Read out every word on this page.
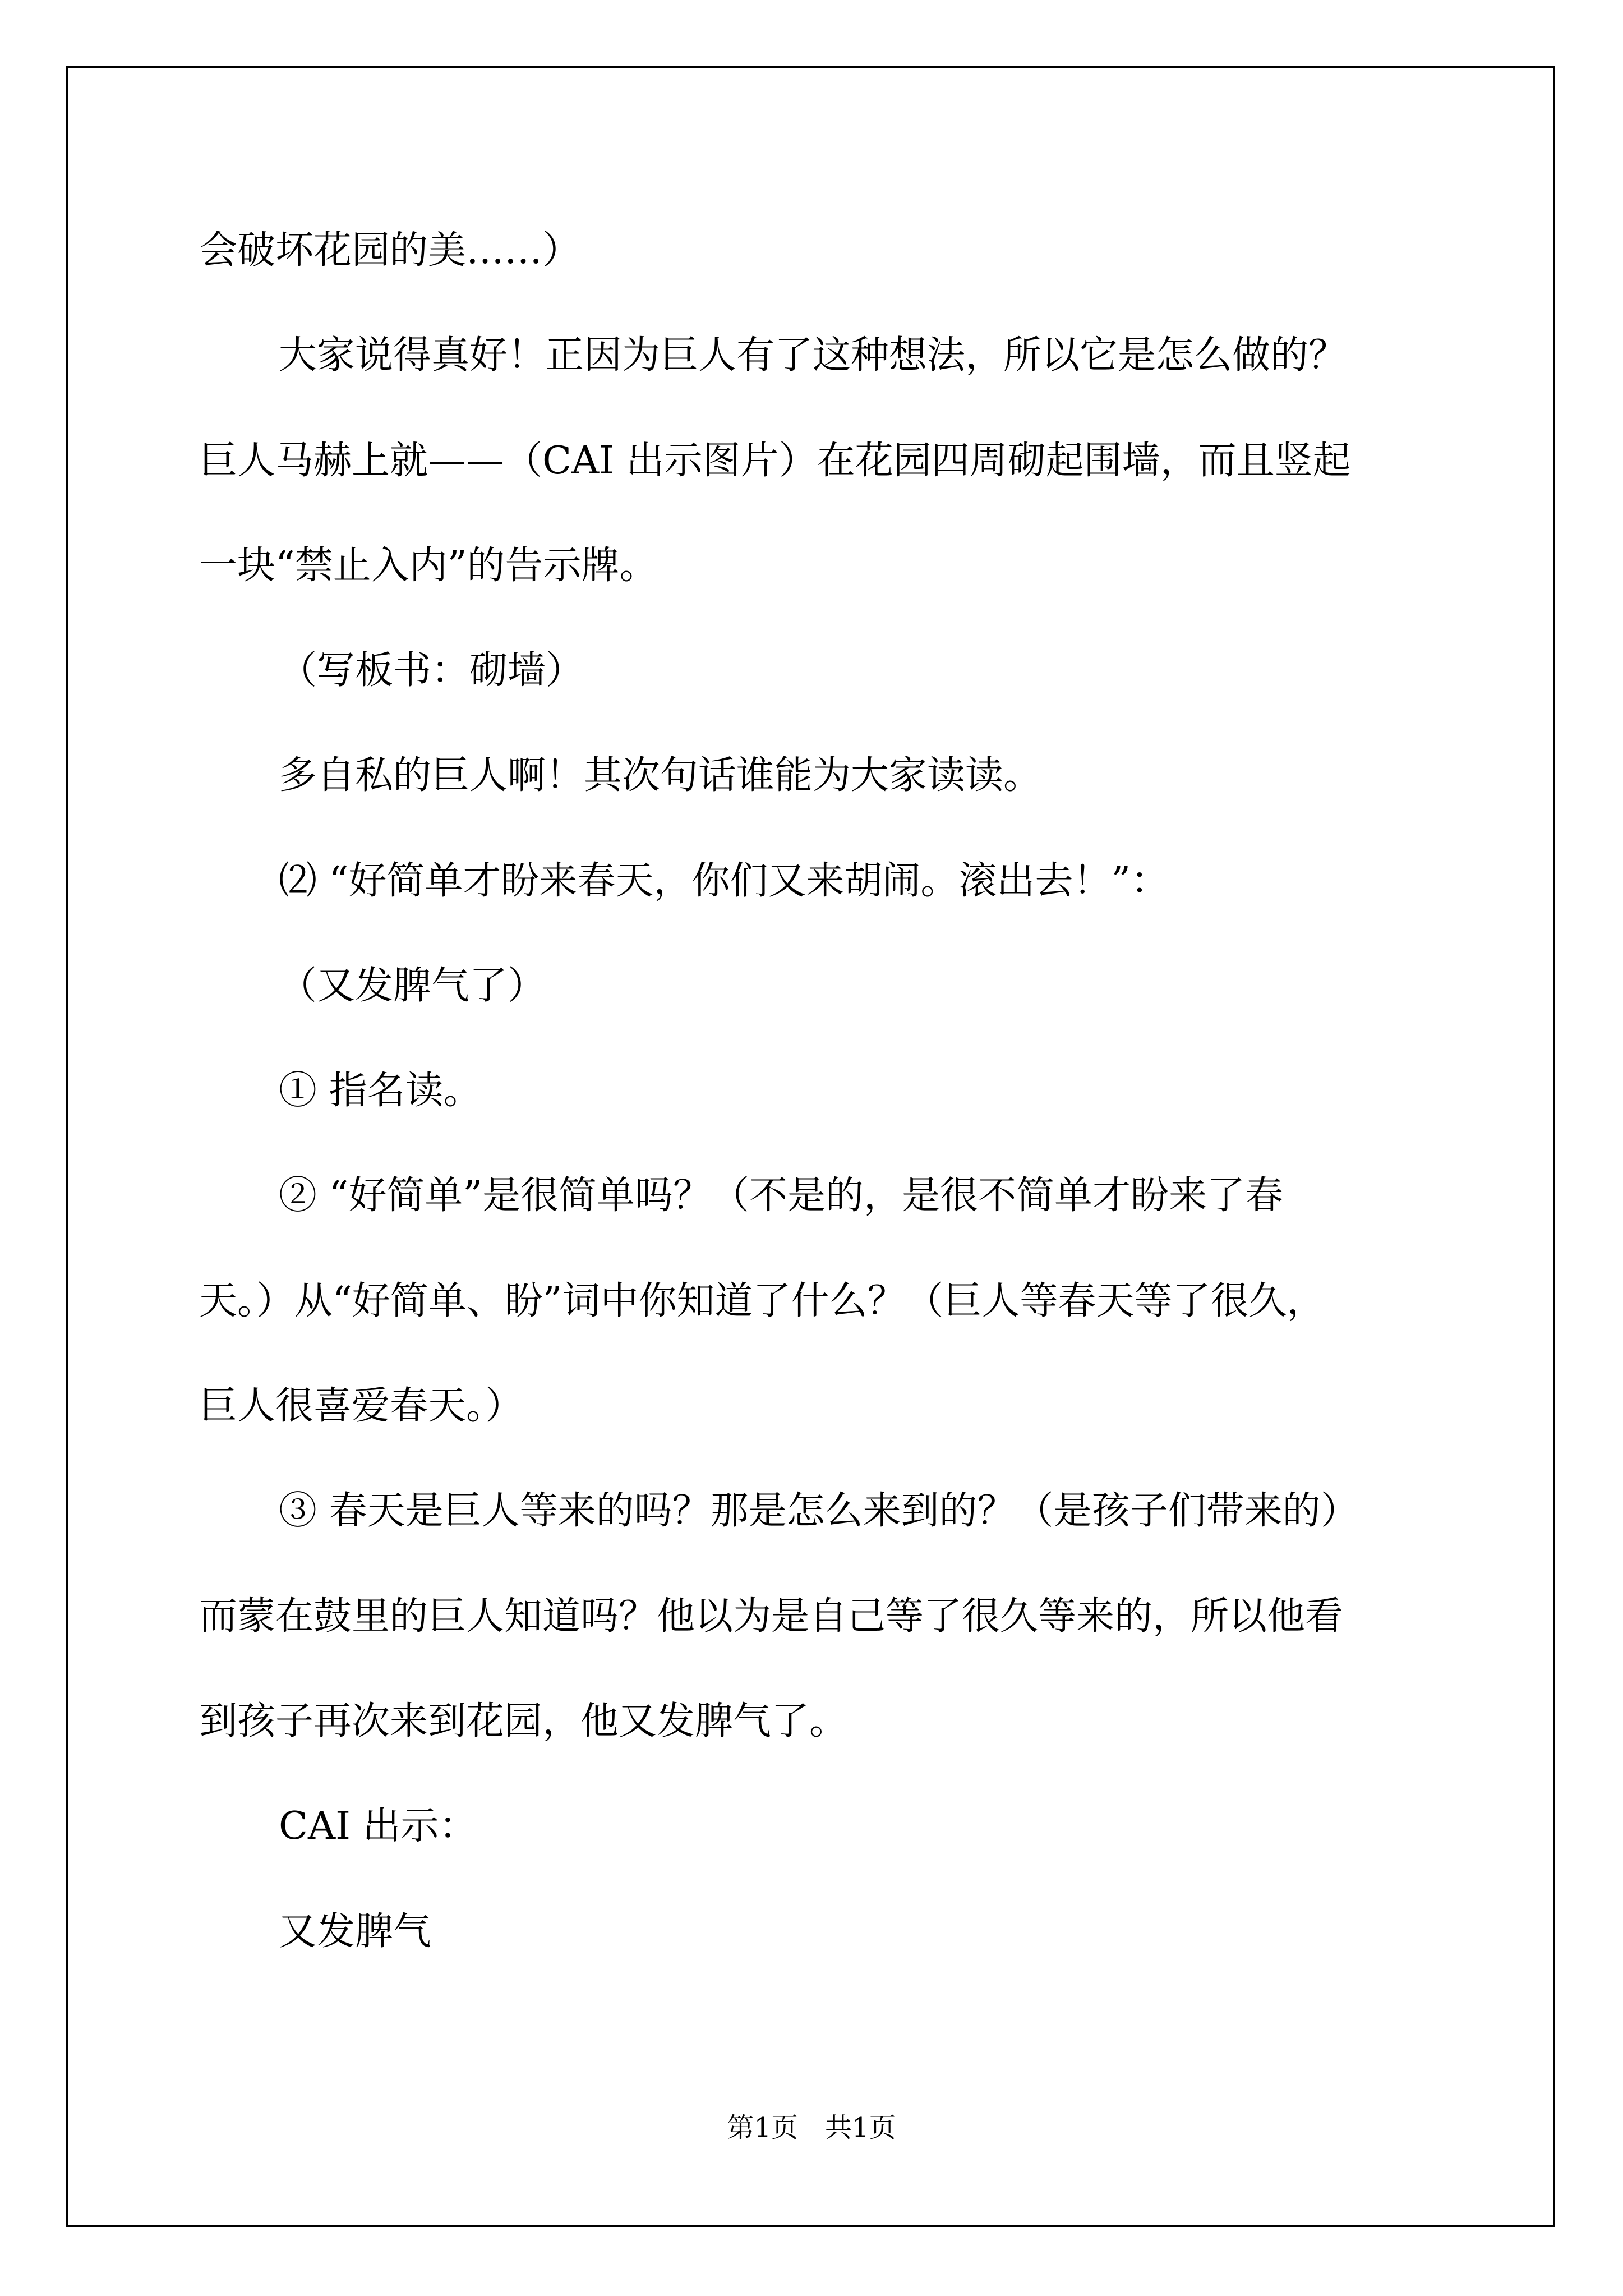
会破坏花园的美……）
大家说得真好！正因为巨人有了这种想法，所以它是怎么做的？
巨人马赫上就——（CAI 出示图片）在花园四周砌起围墙，而且竖起
一块“禁止入内”的告示牌。
（写板书：砌墙）
多自私的巨人啊！其次句话谁能为大家读读。
⑵ “好简单才盼来春天，你们又来胡闹。滚出去！”：
（又发脾气了）
① 指名读。
② “好简单”是很简单吗？（不是的，是很不简单才盼来了春
天。）从“好简单、盼”词中你知道了什么？（巨人等春天等了很久，
巨人很喜爱春天。）
③ 春天是巨人等来的吗？那是怎么来到的？（是孩子们带来的）
而蒙在鼓里的巨人知道吗？他以为是自己等了很久等来的，所以他看
到孩子再次来到花园，他又发脾气了。
CAI 出示：
又发脾气
第1页　共1页
